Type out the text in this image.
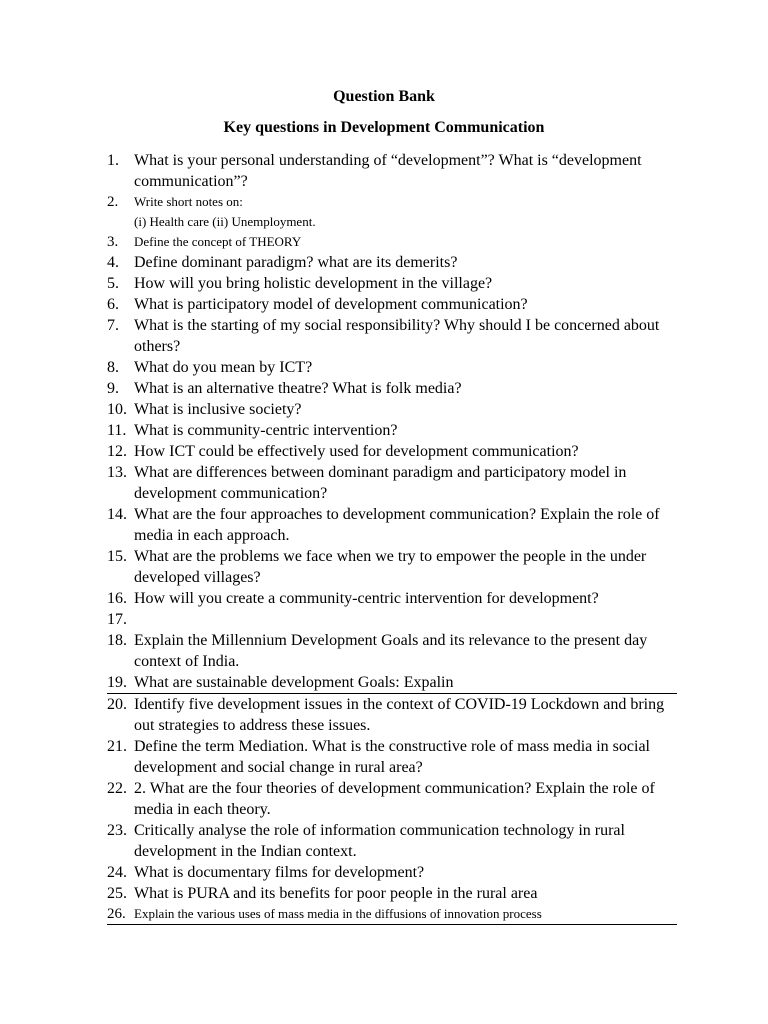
Question Bank
Key questions in Development Communication
1. What is your personal understanding of “development”? What is “development communication”?
2. Write short notes on:
(i) Health care (ii) Unemployment.
3. Define the concept of THEORY
4. Define dominant paradigm? what are its demerits?
5. How will you bring holistic development in the village?
6. What is participatory model of development communication?
7. What is the starting of my social responsibility? Why should I be concerned about others?
8. What do you mean by ICT?
9. What is an alternative theatre? What is folk media?
10. What is inclusive society?
11. What is community-centric intervention?
12. How ICT could be effectively used for development communication?
13. What are differences between dominant paradigm and participatory model in development communication?
14. What are the four approaches to development communication? Explain the role of media in each approach.
15. What are the problems we face when we try to empower the people in the under developed villages?
16. How will you create a community-centric intervention for development?
17.
18. Explain the Millennium Development Goals and its relevance to the present day context of India.
19. What are sustainable development Goals: Expalin
20. Identify five development issues in the context of COVID-19 Lockdown and bring out strategies to address these issues.
21. Define the term Mediation. What is the constructive role of mass media in social development and social change in rural area?
22. 2. What are the four theories of development communication? Explain the role of media in each theory.
23. Critically analyse the role of information communication technology in rural development in the Indian context.
24. What is documentary films for development?
25. What is PURA and its benefits for poor people in the rural area
26. Explain the various uses of mass media in the diffusions of innovation process
